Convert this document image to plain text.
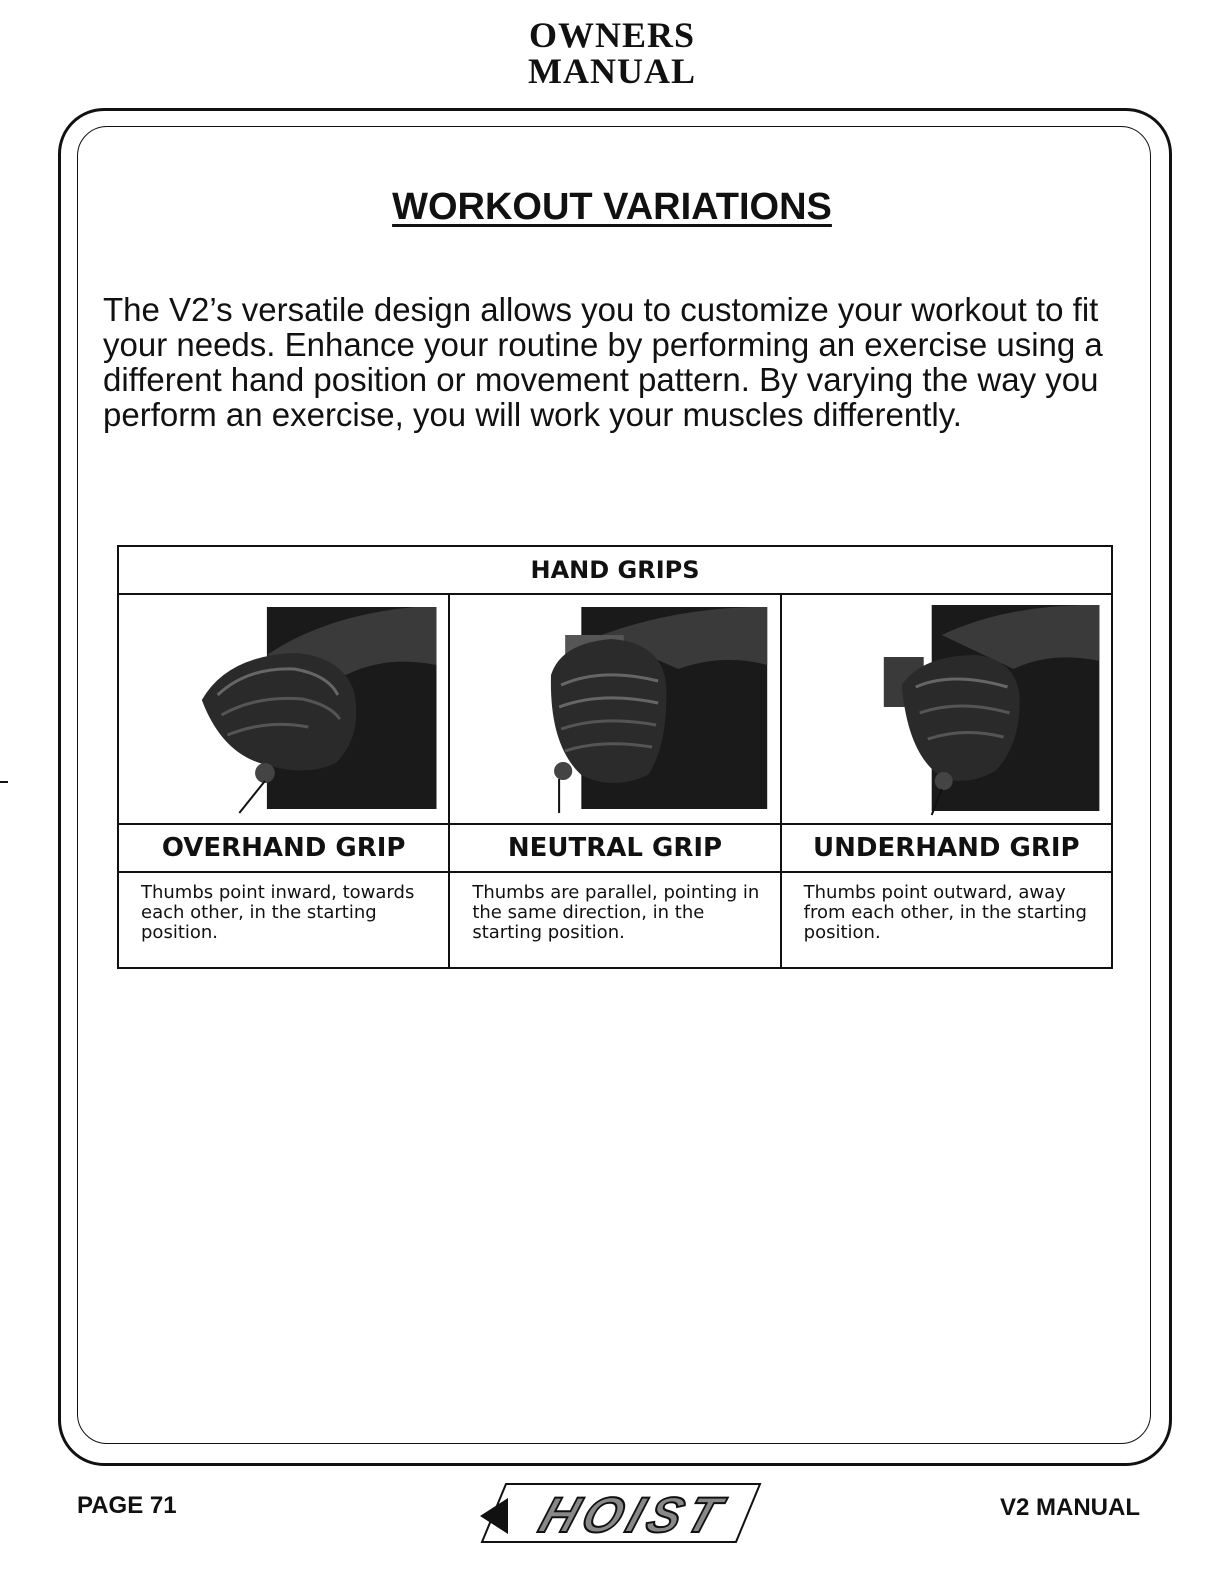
OWNERS
MANUAL
WORKOUT VARIATIONS

The V2’s versatile design allows you to customize your workout to fit your needs. Enhance your routine by performing an exercise using a different hand position or movement pattern. By varying the way you perform an exercise, you will work your muscles differently.

HAND GRIPS		

OVERHAND GRIP	NEUTRAL GRIP	UNDERHAND GRIP
Thumbs point inward, towards each other, in the starting position.	Thumbs are parallel, pointing in the same direction, in the starting position.	Thumbs point outward, away from each other, in the starting position.
PAGE 71	HOIST	V2 MANUAL
